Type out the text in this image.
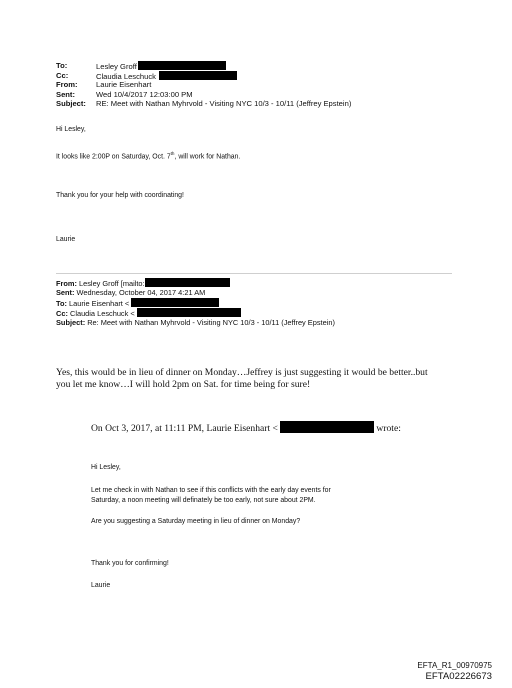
To:	Lesley Groff
Cc:	Claudia Leschuck
From: Laurie Eisenhart
Sent:	Wed 10/4/2017 12:03:00 PM
Subject: RE: Meet with Nathan Myhrvold - Visiting NYC 10/3 - 10/11 (Jeffrey Epstein)
Hi Lesley,
It looks like 2:00P on Saturday, Oct. 7th, will work for Nathan.
Thank you for your help with coordinating!
Laurie
From: Lesley Groff [mailto:
Sent: Wednesday, October 04, 2017 4:21 AM
To: Laurie Eisenhart <
Cc: Claudia Leschuck <
Subject: Re: Meet with Nathan Myhrvold - Visiting NYC 10/3 - 10/11 (Jeffrey Epstein)
Yes, this would be in lieu of dinner on Monday…Jeffrey is just suggesting it would be better..but
you let me know…I will hold 2pm on Sat. for time being for sure!
On Oct 3, 2017, at 11:11 PM, Laurie Eisenhart <	wrote:
Hi Lesley,
Let me check in with Nathan to see if this conflicts with the early day events for
Saturday, a noon meeting will definately be too early, not sure about 2PM.
Are you suggesting a Saturday meeting in lieu of dinner on Monday?
Thank you for confirming!
Laurie
EFTA_R1_00970975
EFTA02226673
